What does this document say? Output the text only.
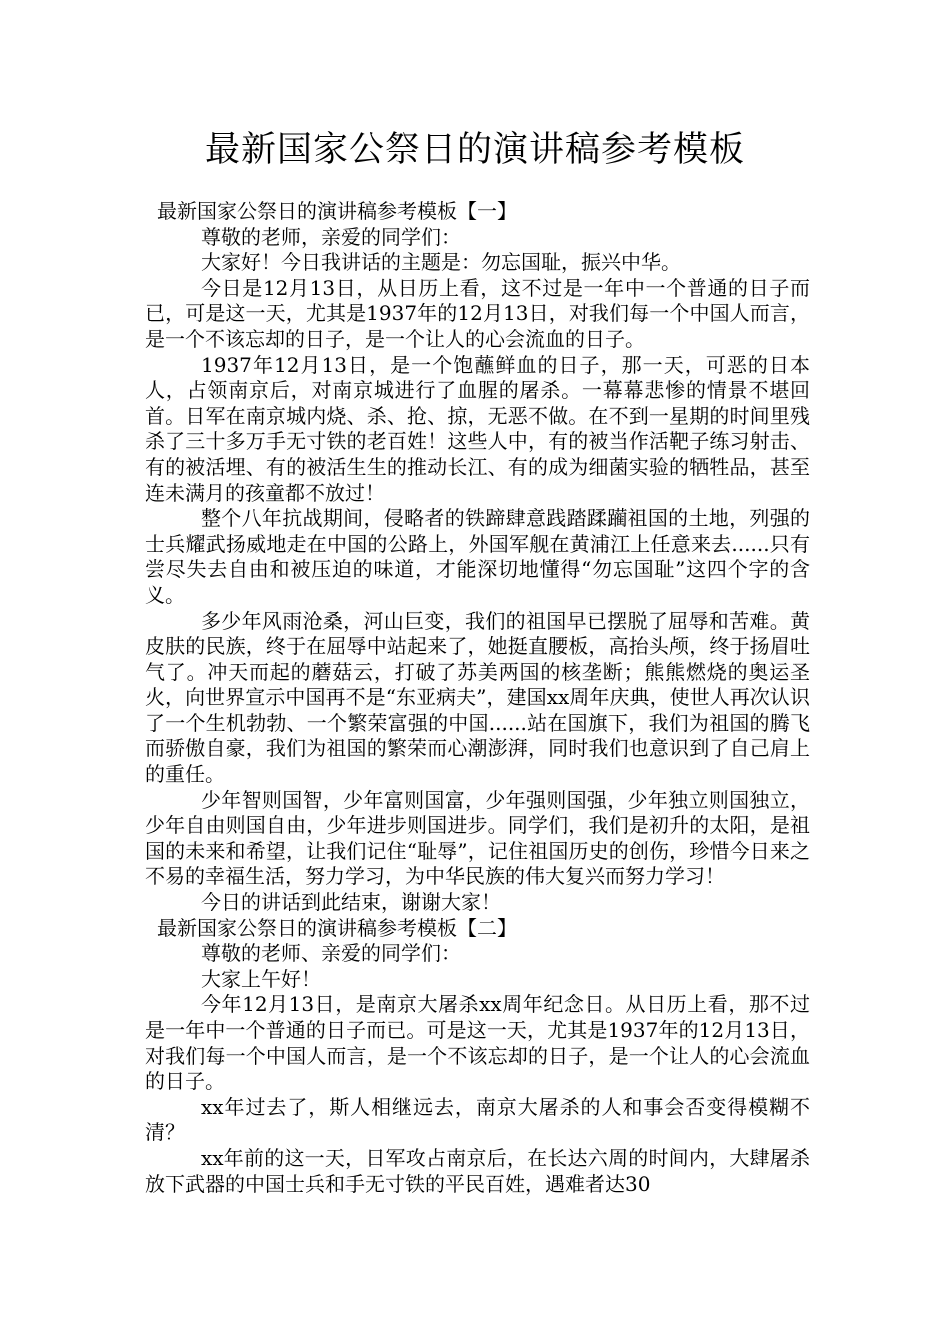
最新国家公祭日的演讲稿参考模板
最新国家公祭日的演讲稿参考模板【一】

尊敬的老师，亲爱的同学们：

大家好！今日我讲话的主题是：勿忘国耻，振兴中华。

今日是12月13日，从日历上看，这不过是一年中一个普通的日子而已，可是这一天，尤其是1937年的12月13日，对我们每一个中国人而言，是一个不该忘却的日子，是一个让人的心会流血的日子。

1937年12月13日，是一个饱蘸鲜血的日子，那一天，可恶的日本人，占领南京后，对南京城进行了血腥的屠杀。一幕幕悲惨的情景不堪回首。日军在南京城内烧、杀、抢、掠，无恶不做。在不到一星期的时间里残杀了三十多万手无寸铁的老百姓！这些人中，有的被当作活靶子练习射击、有的被活埋、有的被活生生的推动长江、有的成为细菌实验的牺牲品，甚至连未满月的孩童都不放过！

整个八年抗战期间，侵略者的铁蹄肆意践踏蹂躏祖国的土地，列强的士兵耀武扬威地走在中国的公路上，外国军舰在黄浦江上任意来去......只有尝尽失去自由和被压迫的味道，才能深切地懂得“勿忘国耻”这四个字的含义。

多少年风雨沧桑，河山巨变，我们的祖国早已摆脱了屈辱和苦难。黄皮肤的民族，终于在屈辱中站起来了，她挺直腰板，高抬头颅，终于扬眉吐气了。冲天而起的蘑菇云，打破了苏美两国的核垄断；熊熊燃烧的奥运圣火，向世界宣示中国再不是“东亚病夫”，建国xx周年庆典，使世人再次认识了一个生机勃勃、一个繁荣富强的中国......站在国旗下，我们为祖国的腾飞而骄傲自豪，我们为祖国的繁荣而心潮澎湃，同时我们也意识到了自己肩上的重任。

少年智则国智，少年富则国富，少年强则国强，少年独立则国独立，少年自由则国自由，少年进步则国进步。同学们，我们是初升的太阳，是祖国的未来和希望，让我们记住“耻辱”，记住祖国历史的创伤，珍惜今日来之不易的幸福生活，努力学习，为中华民族的伟大复兴而努力学习！

今日的讲话到此结束，谢谢大家！

最新国家公祭日的演讲稿参考模板【二】

尊敬的老师、亲爱的同学们：

大家上午好！

今年12月13日，是南京大屠杀xx周年纪念日。从日历上看，那不过是一年中一个普通的日子而已。可是这一天，尤其是1937年的12月13日，对我们每一个中国人而言，是一个不该忘却的日子，是一个让人的心会流血的日子。

xx年过去了，斯人相继远去，南京大屠杀的人和事会否变得模糊不清？

xx年前的这一天，日军攻占南京后，在长达六周的时间内，大肆屠杀放下武器的中国士兵和手无寸铁的平民百姓，遇难者达30
